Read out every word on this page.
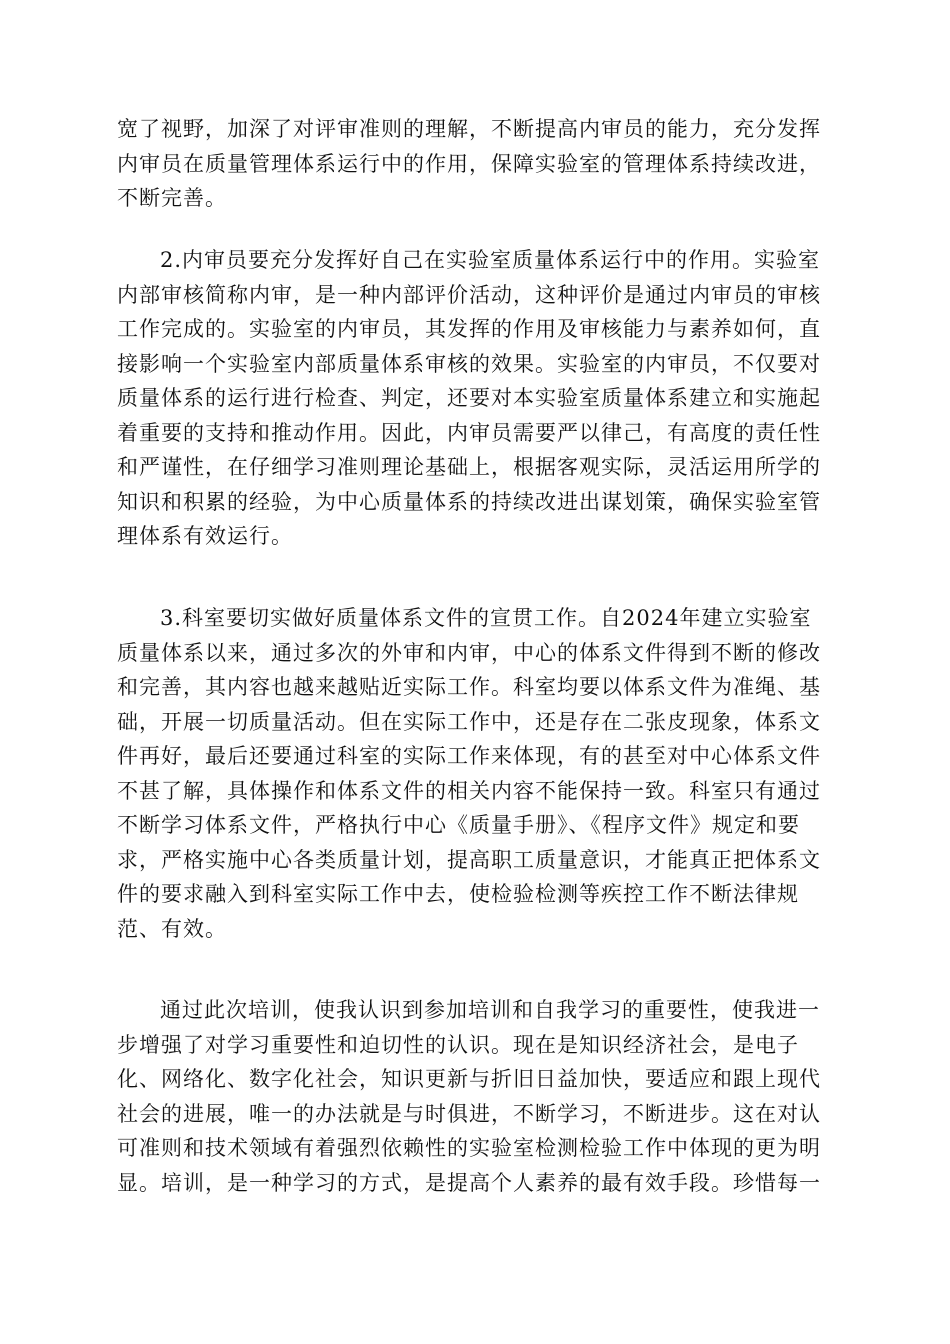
宽了视野，加深了对评审准则的理解，不断提高内审员的能力，充分发挥
内审员在质量管理体系运行中的作用，保障实验室的管理体系持续改进，
不断完善。
2.内审员要充分发挥好自己在实验室质量体系运行中的作用。实验室
内部审核简称内审，是一种内部评价活动，这种评价是通过内审员的审核
工作完成的。实验室的内审员，其发挥的作用及审核能力与素养如何，直
接影响一个实验室内部质量体系审核的效果。实验室的内审员，不仅要对
质量体系的运行进行检查、判定，还要对本实验室质量体系建立和实施起
着重要的支持和推动作用。因此，内审员需要严以律己，有高度的责任性
和严谨性，在仔细学习准则理论基础上，根据客观实际，灵活运用所学的
知识和积累的经验，为中心质量体系的持续改进出谋划策，确保实验室管
理体系有效运行。
3.科室要切实做好质量体系文件的宣贯工作。自2024年建立实验室
质量体系以来，通过多次的外审和内审，中心的体系文件得到不断的修改
和完善，其内容也越来越贴近实际工作。科室均要以体系文件为准绳、基
础，开展一切质量活动。但在实际工作中，还是存在二张皮现象，体系文
件再好，最后还要通过科室的实际工作来体现，有的甚至对中心体系文件
不甚了解，具体操作和体系文件的相关内容不能保持一致。科室只有通过
不断学习体系文件，严格执行中心《质量手册》、《程序文件》规定和要
求，严格实施中心各类质量计划，提高职工质量意识，才能真正把体系文
件的要求融入到科室实际工作中去，使检验检测等疾控工作不断法律规
范、有效。
通过此次培训，使我认识到参加培训和自我学习的重要性，使我进一
步增强了对学习重要性和迫切性的认识。现在是知识经济社会，是电子
化、网络化、数字化社会，知识更新与折旧日益加快，要适应和跟上现代
社会的进展，唯一的办法就是与时俱进，不断学习，不断进步。这在对认
可准则和技术领域有着强烈依赖性的实验室检测检验工作中体现的更为明
显。培训，是一种学习的方式，是提高个人素养的最有效手段。珍惜每一
